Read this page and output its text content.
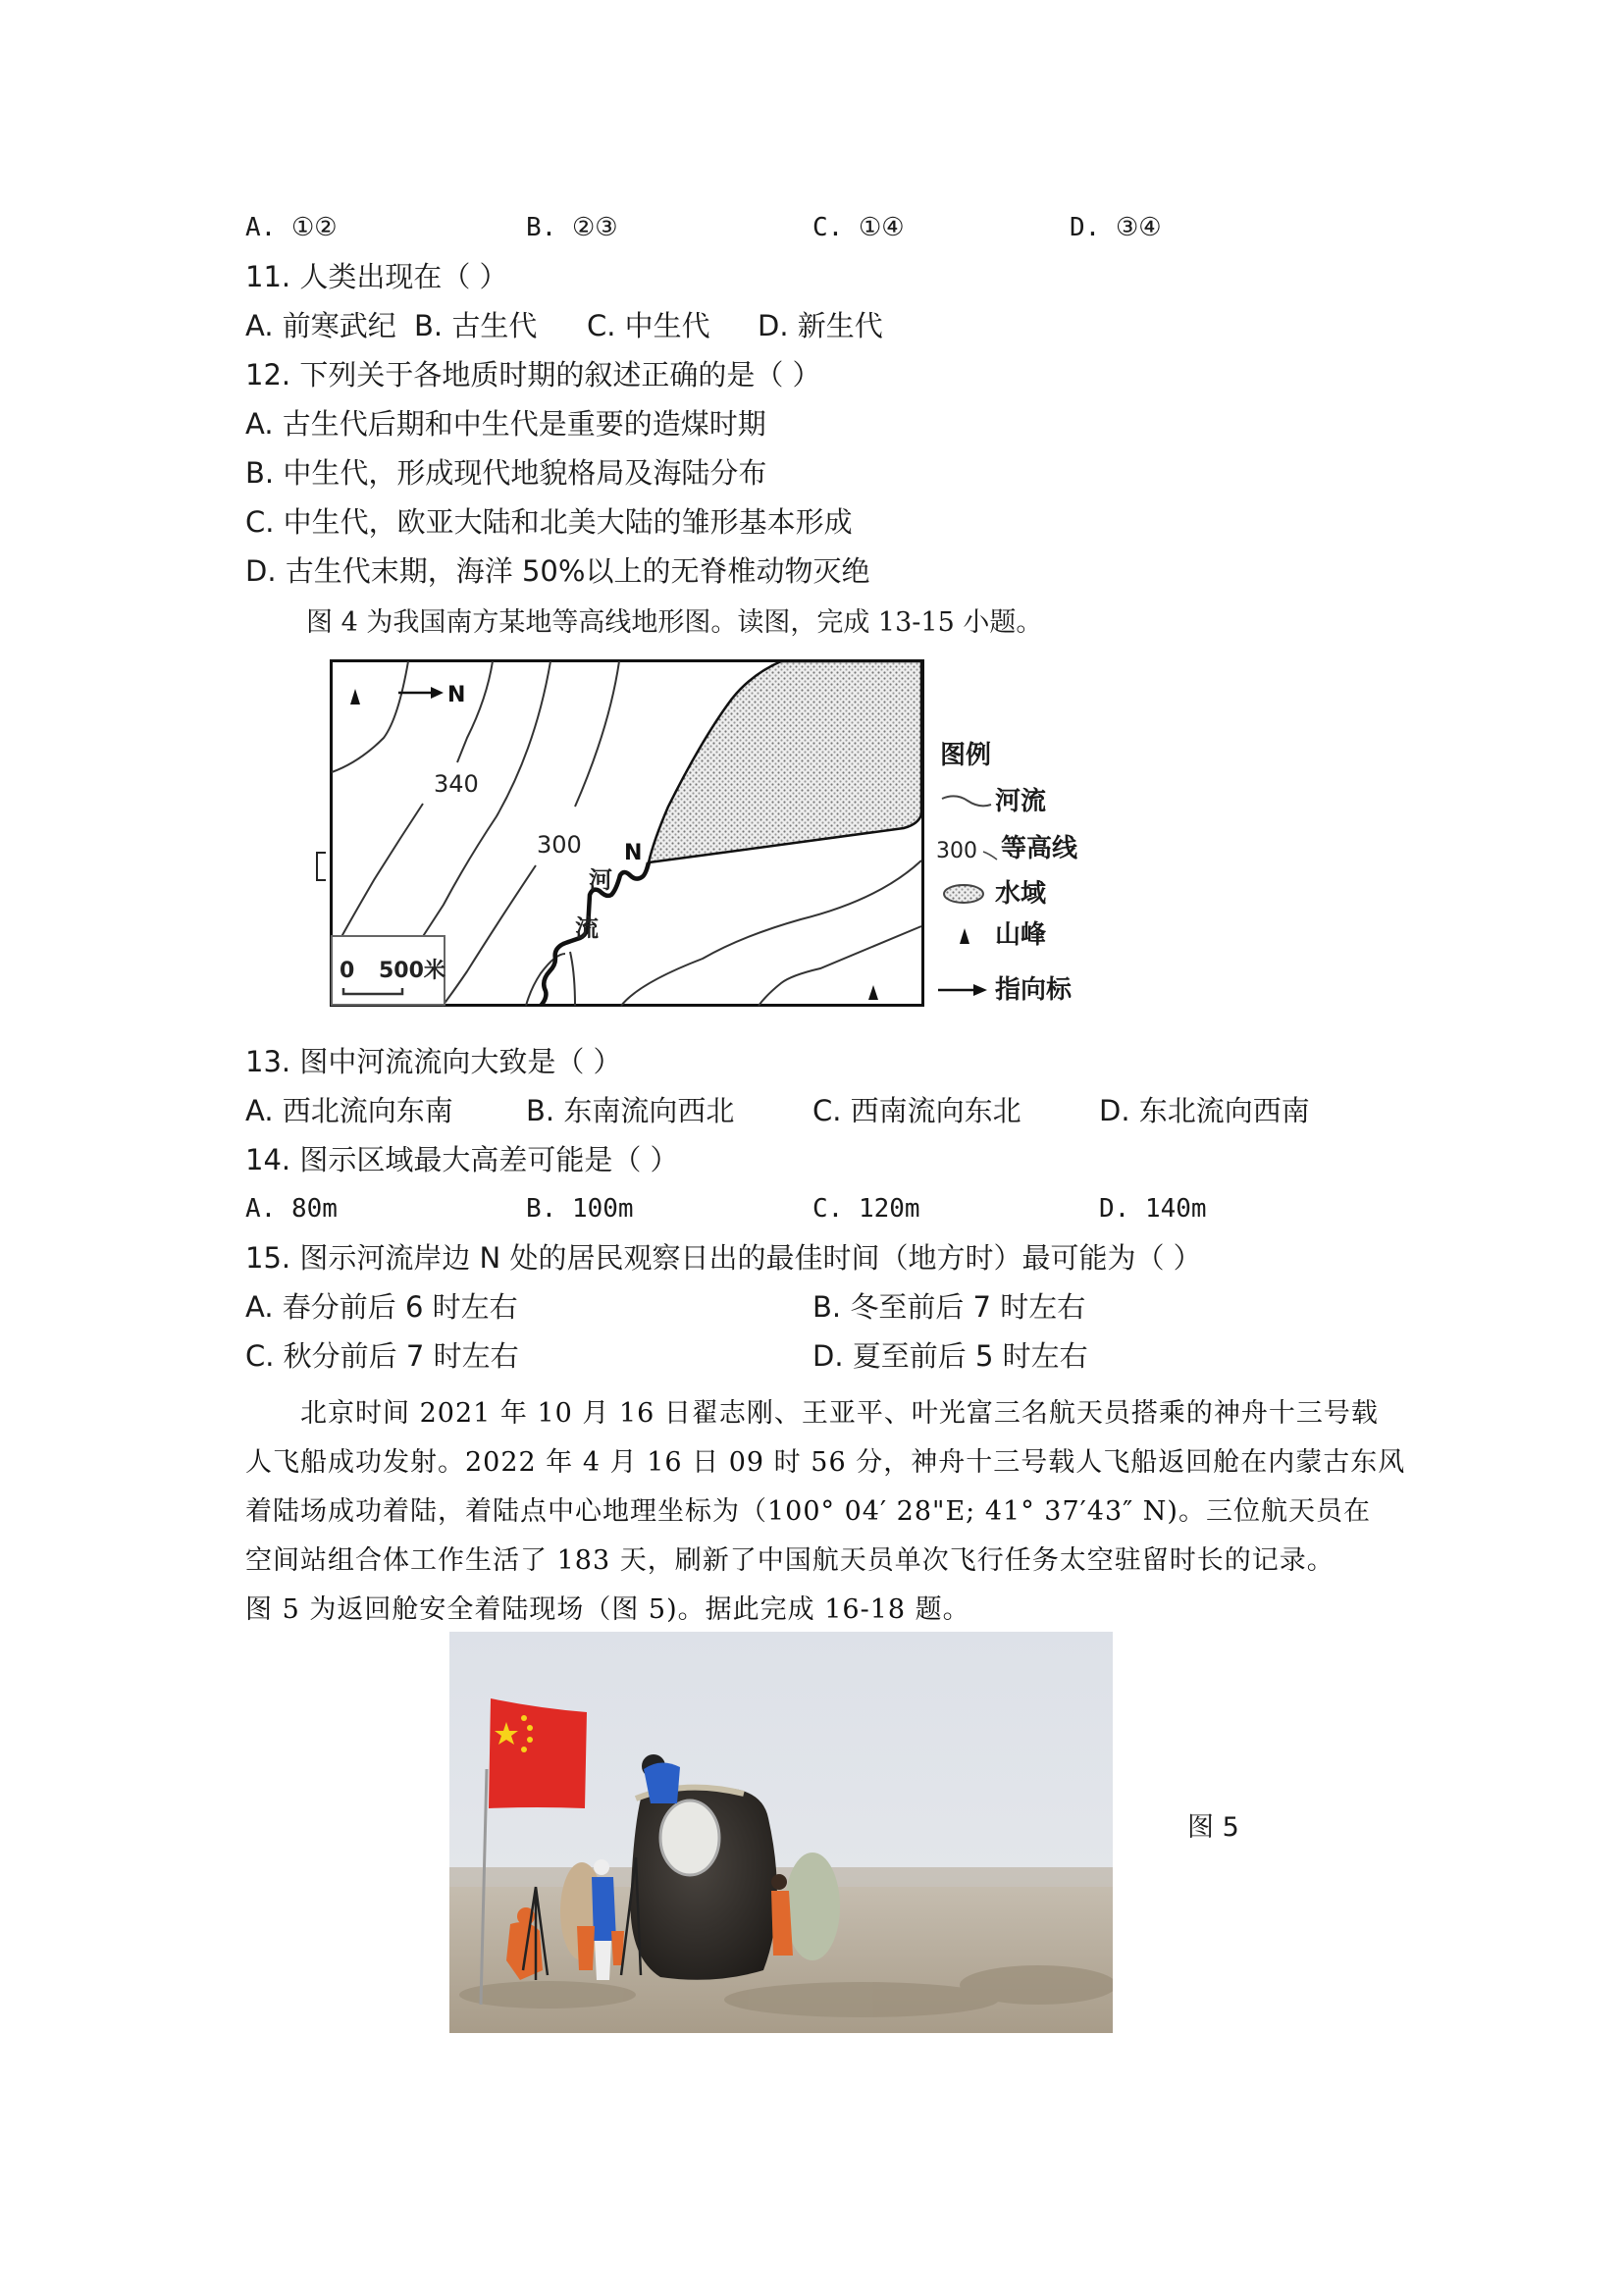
A. ①②	B. ②③	C. ①④	D. ③④
11. 人类出现在（ ）
A. 前寒武纪 B. 古生代 C. 中生代 D. 新生代
12. 下列关于各地质时期的叙述正确的是（ ）
A. 古生代后期和中生代是重要的造煤时期
B. 中生代，形成现代地貌格局及海陆分布
C. 中生代，欧亚大陆和北美大陆的雏形基本形成
D. 古生代末期，海洋 50%以上的无脊椎动物灭绝
图 4 为我国南方某地等高线地形图。读图，完成 13-15 小题。
0 500米
N
340
300
河
流
N
图例
河流
300 等高线
水域
山峰
指向标
13. 图中河流流向大致是（ ）
A. 西北流向东南	B. 东南流向西北	C. 西南流向东北	D. 东北流向西南
14. 图示区域最大高差可能是（ ）
A. 80m	B. 100m	C. 120m	D. 140m
15. 图示河流岸边 N 处的居民观察日出的最佳时间（地方时）最可能为（ ）
A. 春分前后 6 时左右	B. 冬至前后 7 时左右
C. 秋分前后 7 时左右	D. 夏至前后 5 时左右
　　北京时间 2021 年 10 月 16 日翟志刚、王亚平、叶光富三名航天员搭乘的神舟十三号载
人飞船成功发射。2022 年 4 月 16 日 09 时 56 分，神舟十三号载人飞船返回舱在内蒙古东风
着陆场成功着陆，着陆点中心地理坐标为（100° 04′ 28"E; 41° 37′43″ N)。三位航天员在
空间站组合体工作生活了 183 天，刷新了中国航天员单次飞行任务太空驻留时长的记录。
图 5 为返回舱安全着陆现场（图 5)。据此完成 16-18 题。
图 5
